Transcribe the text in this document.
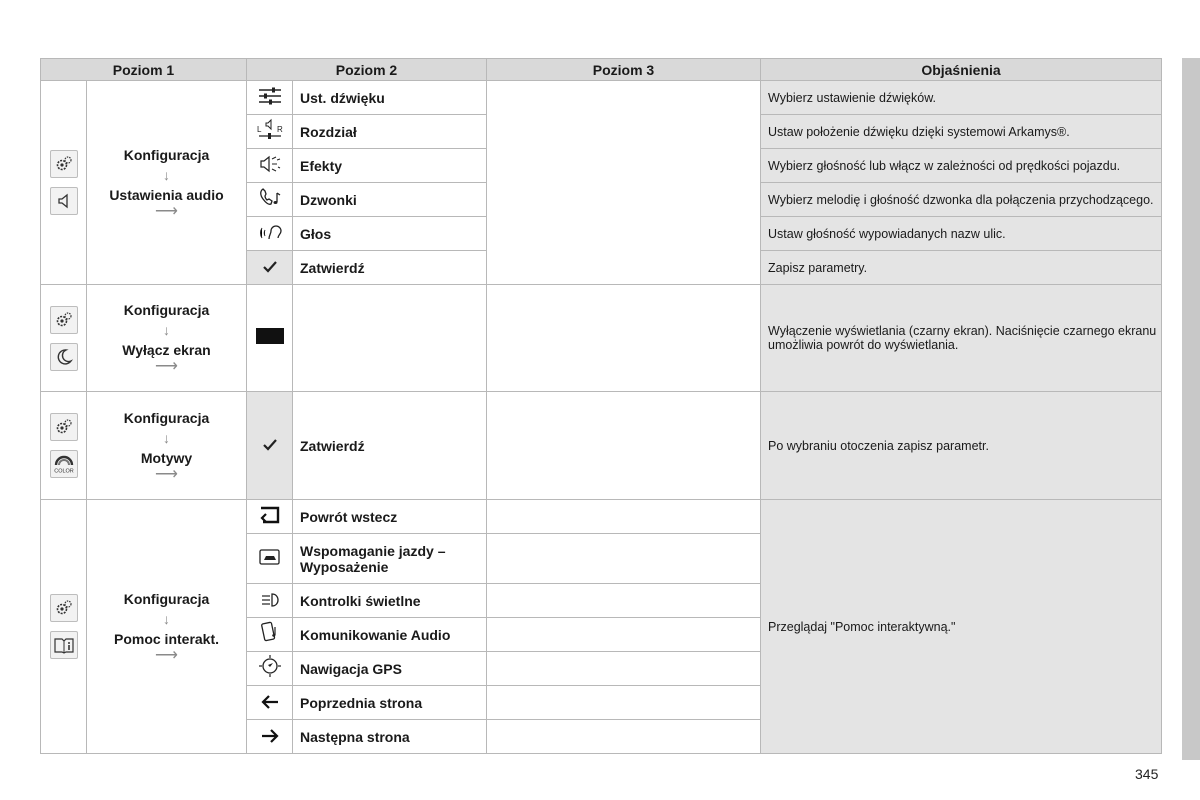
Poziom 1		Poziom 2		Poziom 3	Objaśnienia

Konfiguracja
↓
Ustawienia audio
⟶		Ust. dźwięku		Wybierz ustawienie dźwięków.

L R	Rozdział		Ustaw położenie dźwięku dzięki systemowi Arkamys®.

	Efekty		Wybierz głośność lub włącz w zależności od prędkości pojazdu.

	Dzwonki		Wybierz melodię i głośność dzwonka dla połączenia przychodzącego.

	Głos		Ustaw głośność wypowiadanych nazw ulic.

	Zatwierdź		Zapisz parametry.

Konfiguracja
↓
Wyłącz ekran
⟶				Wyłączenie wyświetlania (czarny ekran). Naciśnięcie czarnego ekranu umożliwia powrót do wyświetlania.

COLOR	Konfiguracja
↓
Motywy
⟶		Zatwierdź		Po wybraniu otoczenia zapisz parametr.

Konfiguracja
↓
Pomoc interakt.
⟶		Powrót wstecz		Przeglądaj "Pomoc interaktywną."

	Wspomaganie jazdy – Wyposażenie		

	Kontrolki świetlne		

	Komunikowanie Audio		

	Nawigacja GPS		

	Poprzednia strona		

	Następna strona		
345
